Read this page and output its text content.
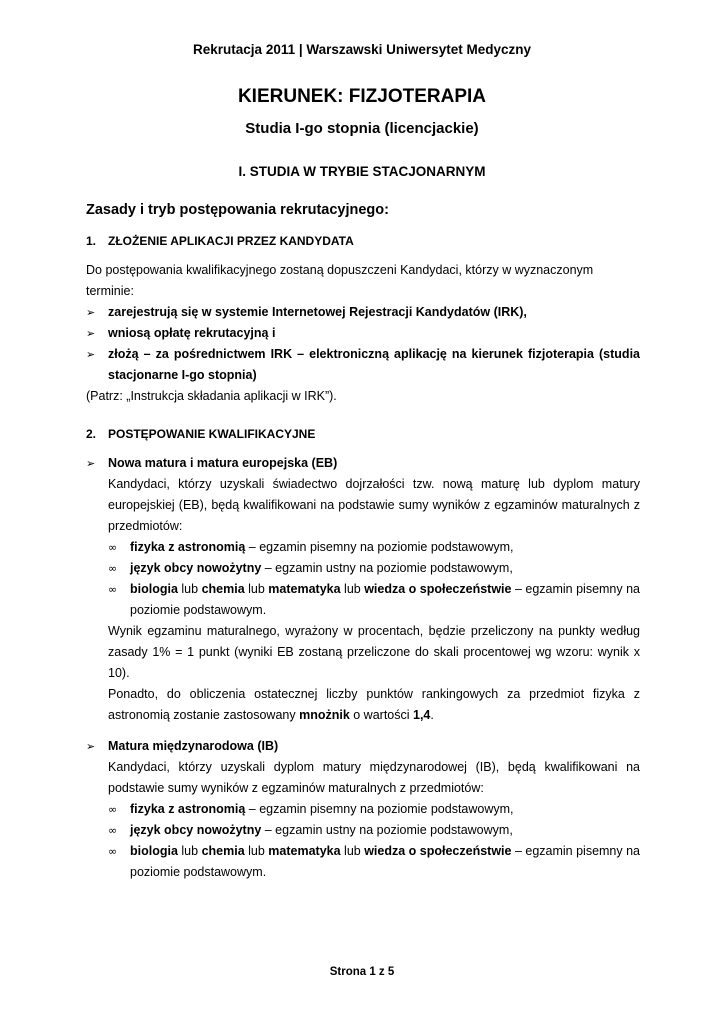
Rekrutacja 2011 | Warszawski Uniwersytet Medyczny
KIERUNEK: FIZJOTERAPIA
Studia I-go stopnia (licencjackie)
I. STUDIA W TRYBIE STACJONARNYM
Zasady i tryb postępowania rekrutacyjnego:
1. ZŁOŻENIE APLIKACJI PRZEZ KANDYDATA

Do postępowania kwalifikacyjnego zostaną dopuszczeni Kandydaci, którzy w wyznaczonym terminie:

➢	zarejestrują się w systemie Internetowej Rejestracji Kandydatów (IRK),
➢	wniosą opłatę rekrutacyjną i
➢	złożą – za pośrednictwem IRK – elektroniczną aplikację na kierunek fizjoterapia (studia stacjonarne I-go stopnia)

(Patrz: „Instrukcja składania aplikacji w IRK”).

2. POSTĘPOWANIE KWALIFIKACYJNE
➢	Nowa matura i matura europejska (EB)

Kandydaci, którzy uzyskali świadectwo dojrzałości tzw. nową maturę lub dyplom matury europejskiej (EB), będą kwalifikowani na podstawie sumy wyników z egzaminów maturalnych z przedmiotów:

∞ fizyka z astronomią – egzamin pisemny na poziomie podstawowym,
∞ język obcy nowożytny – egzamin ustny na poziomie podstawowym,
∞ biologia lub chemia lub matematyka lub wiedza o społeczeństwie – egzamin pisemny na poziomie podstawowym.

Wynik egzaminu maturalnego, wyrażony w procentach, będzie przeliczony na punkty według zasady 1% = 1 punkt (wyniki EB zostaną przeliczone do skali procentowej wg wzoru: wynik x 10).

Ponadto, do obliczenia ostatecznej liczby punktów rankingowych za przedmiot fizyka z astronomią zostanie zastosowany mnożnik o wartości 1,4.

➢	Matura międzynarodowa (IB)

Kandydaci, którzy uzyskali dyplom matury międzynarodowej (IB), będą kwalifikowani na podstawie sumy wyników z egzaminów maturalnych z przedmiotów:

∞ fizyka z astronomią – egzamin pisemny na poziomie podstawowym,
∞ język obcy nowożytny – egzamin ustny na poziomie podstawowym,
∞ biologia lub chemia lub matematyka lub wiedza o społeczeństwie – egzamin pisemny na poziomie podstawowym.
Strona 1 z 5
